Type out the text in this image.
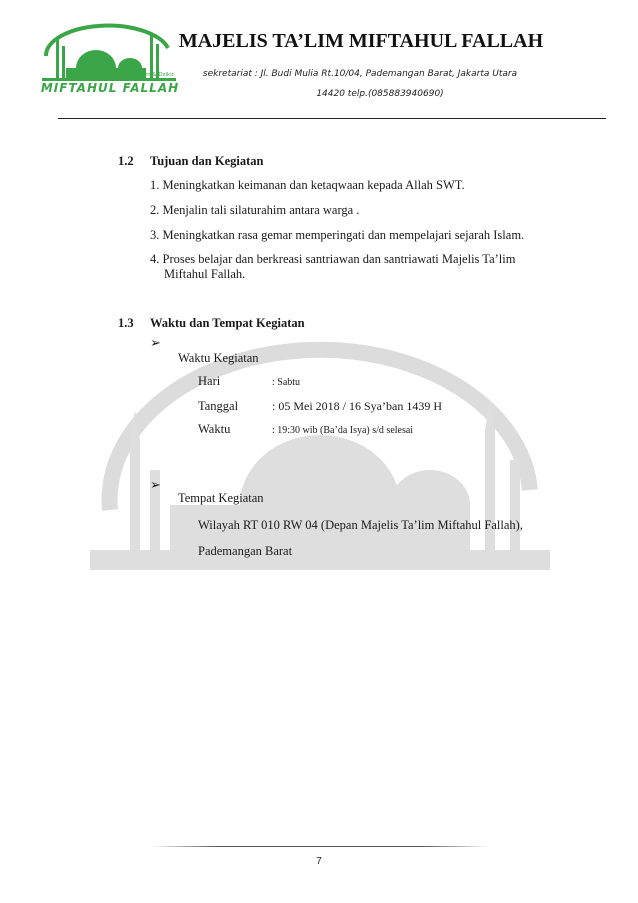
Majlis Ta'lim & Dzikir
MIFTAHUL FALLAH
MAJELIS TA’LIM MIFTAHUL FALLAH
sekretariat : Jl. Budi Mulia Rt.10/04, Pademangan Barat, Jakarta Utara
14420 telp.(085883940690)
1.2 Tujuan dan Kegiatan
1. Meningkatkan keimanan dan ketaqwaan kepada Allah SWT.
2. Menjalin tali silaturahim antara warga .
3. Meningkatkan rasa gemar memperingati dan mempelajari sejarah Islam.
4. Proses belajar dan berkreasi santriawan dan santriawati Majelis Ta’lim
Miftahul Fallah.
1.3 Waktu dan Tempat Kegiatan
➢
Waktu Kegiatan
Hari	: Sabtu
Tanggal	: 05 Mei 2018 / 16 Sya’ban 1439 H
Waktu	: 19:30 wib (Ba’da Isya) s/d selesai
➢
Tempat Kegiatan
Wilayah RT 010 RW 04 (Depan Majelis Ta’lim Miftahul Fallah),
Pademangan Barat
7
